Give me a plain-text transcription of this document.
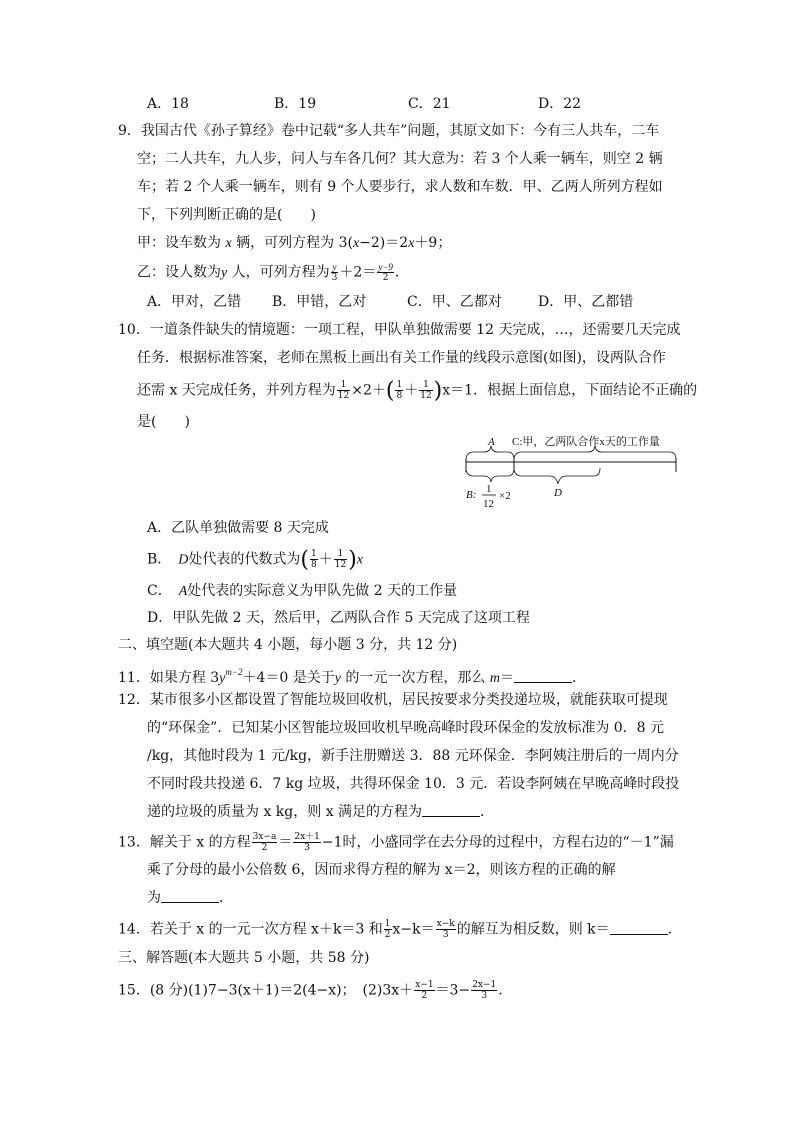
A．18	B．19	C．21	D．22
9．我国古代《孙子算经》卷中记载“多人共车”问题，其原文如下：今有三人共车，二车
空；二人共车，九人步，问人与车各几何？其大意为：若 3 个人乘一辆车，则空 2 辆
车；若 2 个人乘一辆车，则有 9 个人要步行，求人数和车数．甲、乙两人所列方程如
下，下列判断正确的是(　　)
甲：设车数为 x 辆，可列方程为 3(x−2)＝2x＋9；
乙：设人数为y 人，可列方程为 $\frac{y}{3} +2= \frac{y-9}{2}$ ．
A．甲对，乙错 B．甲错，乙对	C．甲、乙都对	D．甲、乙都错
10．一道条件缺失的情境题：一项工程，甲队单独做需要 12 天完成，…，还需要几天完成
任务．根据标准答案，老师在黑板上画出有关工作量的线段示意图(如图)，设两队合作
还需 x 天完成任务，并列方程为 $\frac{1}{12} \times 2+( \frac{1}{8} + \frac{1}{12} )x=1$．根据上面信息，下面结论不正确的
是(　　)
A C:甲，乙两队合作x天的工作量
B: 1
12
×2	D
A．乙队单独做需要 8 天完成
B．　D处代表的代数式为( $\frac{1}{8} + \frac{1}{12} )x$
C．　A处代表的实际意义为甲队先做 2 天的工作量
D．甲队先做 2 天，然后甲，乙两队合作 5 天完成了这项工程
二、填空题(本大题共 4 小题，每小题 3 分，共 12 分)
11．如果方程 $3y^{m-2}+4=0$ 是关于y 的一元一次方程，那么 m＝	．
12．某市很多小区都设置了智能垃圾回收机，居民按要求分类投递垃圾，就能获取可提现
的“环保金”．已知某小区智能垃圾回收机早晚高峰时段环保金的发放标准为 0．8 元
/kg，其他时段为 1 元/kg，新手注册赠送 3．88 元环保金．李阿姨注册后的一周内分
不同时段共投递 6．7 kg 垃圾，共得环保金 10．3 元．若设李阿姨在早晚高峰时段投
递的垃圾的质量为 x kg，则 x 满足的方程为	．
13．解关于 x 的方程 $\frac{3x-a}{2} = \frac{2x+1}{3} -1$时，小盛同学在去分母的过程中，方程右边的“－1”漏
乘了分母的最小公倍数 6，因而求得方程的解为 x＝2，则该方程的正确的解
为	．
14．若关于 x 的一元一次方程 x＋k＝3 和 $\frac{1}{2} x-k= \frac{x-k}{3}$ 的解互为相反数，则 k＝	．
三、解答题(本大题共 5 小题，共 58 分)
15．(8 分)(1)7−3(x＋1)＝2(4−x)；　$(2)3x+ \frac{x-1}{2} =3- \frac{2x-1}{3}$ ．
